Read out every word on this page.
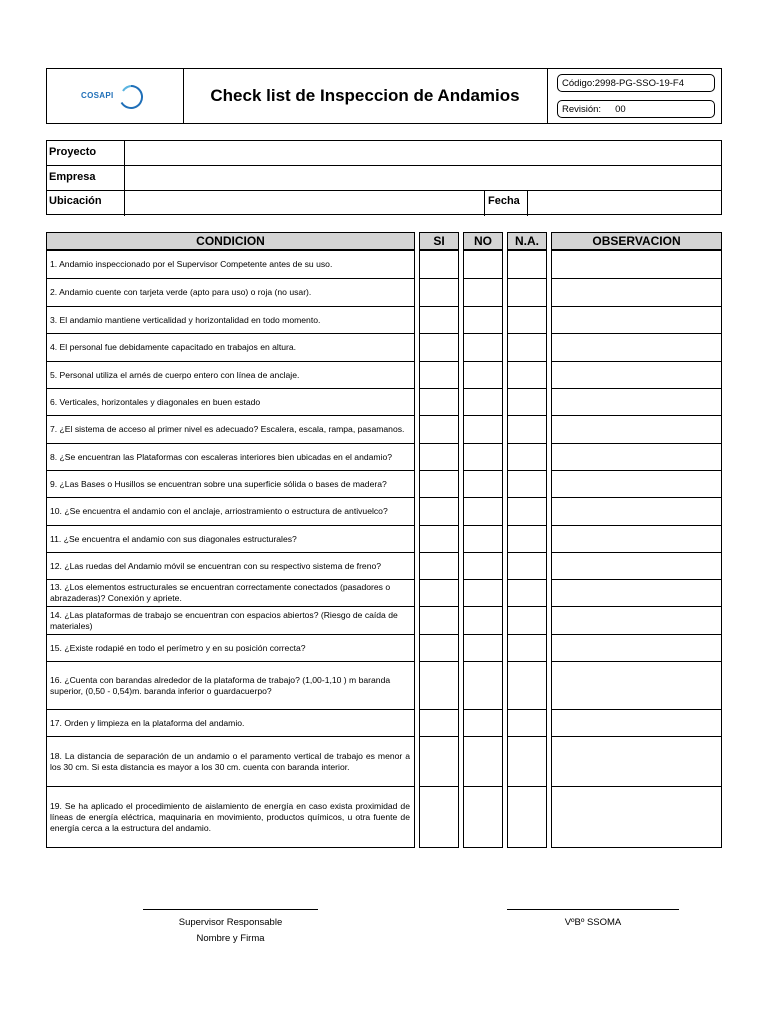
COSAPI	Check list de Inspeccion de Andamios
Código:2998-PG-SSO-19-F4
Revisión: 00
Proyecto
Empresa
Ubicación	Fecha
CONDICION	SI	NO	N.A.	OBSERVACION
1. Andamio inspeccionado por el Supervisor Competente antes de su uso.
2. Andamio cuente con tarjeta verde (apto para uso) o roja (no usar).
3. El andamio mantiene verticalidad y horizontalidad en todo momento.
4. El personal fue debidamente capacitado en trabajos en altura.
5. Personal utiliza el arnés de cuerpo entero con línea de anclaje.
6. Verticales, horizontales y diagonales en buen estado
7. ¿El sistema de acceso al primer nivel es adecuado? Escalera, escala, rampa, pasamanos.
8. ¿Se encuentran las Plataformas con escaleras interiores bien ubicadas en el andamio?
9. ¿Las Bases o Husillos se encuentran sobre una superficie sólida o bases de madera?
10. ¿Se encuentra el andamio con el anclaje, arriostramiento o estructura de antivuelco?
11. ¿Se encuentra el andamio con sus diagonales estructurales?
12. ¿Las ruedas del Andamio móvil se encuentran con su respectivo sistema de freno?
13. ¿Los elementos estructurales se encuentran correctamente conectados (pasadores o abrazaderas)? Conexión y apriete.
14. ¿Las plataformas de trabajo se encuentran con espacios abiertos? (Riesgo de caída de materiales)
15. ¿Existe rodapié en todo el perímetro y en su posición correcta?
16. ¿Cuenta con barandas alrededor de la plataforma de trabajo? (1,00-1,10 ) m baranda superior, (0,50 - 0,54)m. baranda inferior o guardacuerpo?
17. Orden y limpieza en la plataforma del andamio.
18. La distancia de separación de un andamio o el paramento vertical de trabajo es menor a los 30 cm. Si esta distancia es mayor a los 30 cm. cuenta con baranda interior.
19. Se ha aplicado el procedimiento de aislamiento de energía en caso exista proximidad de líneas de energía eléctrica, maquinaria en movimiento, productos químicos, u otra fuente de energía cerca a la estructura del andamio.
Supervisor Responsable
Nombre y Firma
VºBº SSOMA
